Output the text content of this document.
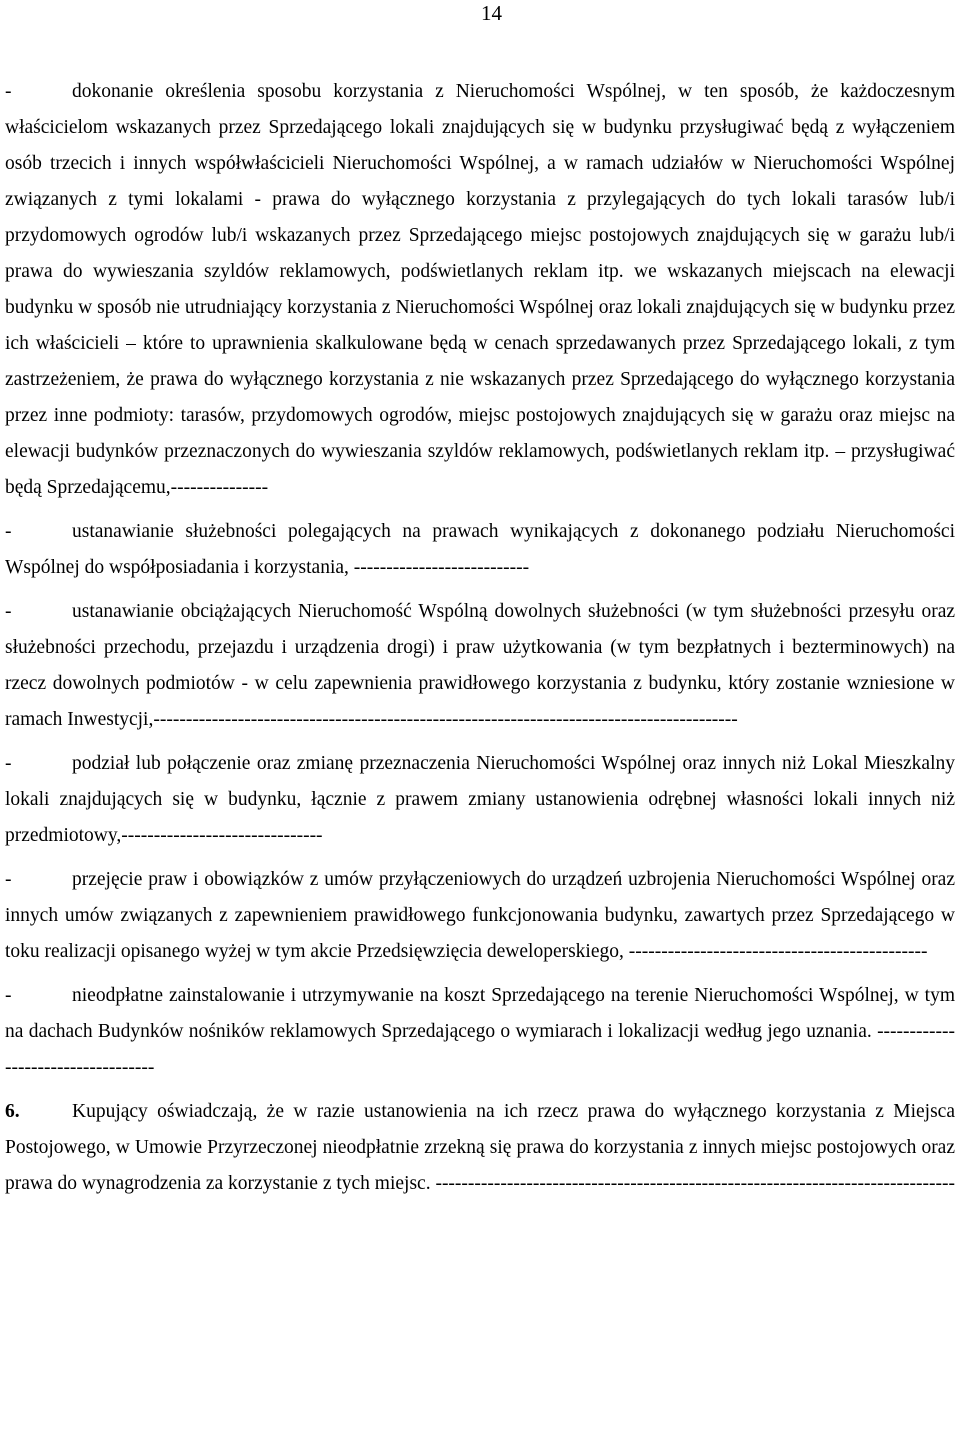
14

-	dokonanie określenia sposobu korzystania z Nieruchomości Wspólnej, w ten sposób, że każdoczesnym właścicielom wskazanych przez Sprzedającego lokali znajdujących się w budynku przysługiwać będą z wyłączeniem osób trzecich i innych współwłaścicieli Nieruchomości Wspólnej, a w ramach udziałów w Nieruchomości Wspólnej związanych z tymi lokalami - prawa do wyłącznego korzystania z przylegających do tych lokali tarasów lub/i przydomowych ogrodów lub/i wskazanych przez Sprzedającego miejsc postojowych znajdujących się w garażu lub/i prawa do wywieszania szyldów reklamowych, podświetlanych reklam itp. we wskazanych miejscach na elewacji budynku w sposób nie utrudniający korzystania z Nieruchomości Wspólnej oraz lokali znajdujących się w budynku przez ich właścicieli – które to uprawnienia skalkulowane będą w cenach sprzedawanych przez Sprzedającego lokali, z tym zastrzeżeniem, że prawa do wyłącznego korzystania z nie wskazanych przez Sprzedającego do wyłącznego korzystania przez inne podmioty: tarasów, przydomowych ogrodów, miejsc postojowych znajdujących się w garażu oraz miejsc na elewacji budynków przeznaczonych do wywieszania szyldów reklamowych, podświetlanych reklam itp. – przysługiwać będą Sprzedającemu,---------------

-	ustanawianie służebności polegających na prawach wynikających z dokonanego podziału Nieruchomości Wspólnej do współposiadania i korzystania, ---------------------------

-	ustanawianie obciążających Nieruchomość Wspólną dowolnych służebności (w tym służebności przesyłu oraz służebności przechodu, przejazdu i urządzenia drogi) i praw użytkowania (w tym bezpłatnych i bezterminowych) na rzecz dowolnych podmiotów - w celu zapewnienia prawidłowego korzystania z budynku, który zostanie wzniesione w ramach Inwestycji,------------------------------------------------------------------------------------------

-	podział lub połączenie oraz zmianę przeznaczenia Nieruchomości Wspólnej oraz innych niż Lokal Mieszkalny lokali znajdujących się w budynku, łącznie z prawem zmiany ustanowienia odrębnej własności lokali innych niż przedmiotowy,-------------------------------

-	przejęcie praw i obowiązków z umów przyłączeniowych do urządzeń uzbrojenia Nieruchomości Wspólnej oraz innych umów związanych z zapewnieniem prawidłowego funkcjonowania budynku, zawartych przez Sprzedającego w toku realizacji opisanego wyżej w tym akcie Przedsięwzięcia deweloperskiego, ----------------------------------------------

-	nieodpłatne zainstalowanie i utrzymywanie na koszt Sprzedającego na terenie Nieruchomości Wspólnej, w tym na dachach Budynków nośników reklamowych Sprzedającego o wymiarach i lokalizacji według jego uznania. -----------------------------------

6.	Kupujący oświadczają, że w razie ustanowienia na ich rzecz prawa do wyłącznego korzystania z Miejsca Postojowego, w Umowie Przyrzeczonej nieodpłatnie zrzekną się prawa do korzystania z innych miejsc postojowych oraz prawa do wynagrodzenia za korzystanie z tych miejsc. --------------------------------------------------------------------------------
